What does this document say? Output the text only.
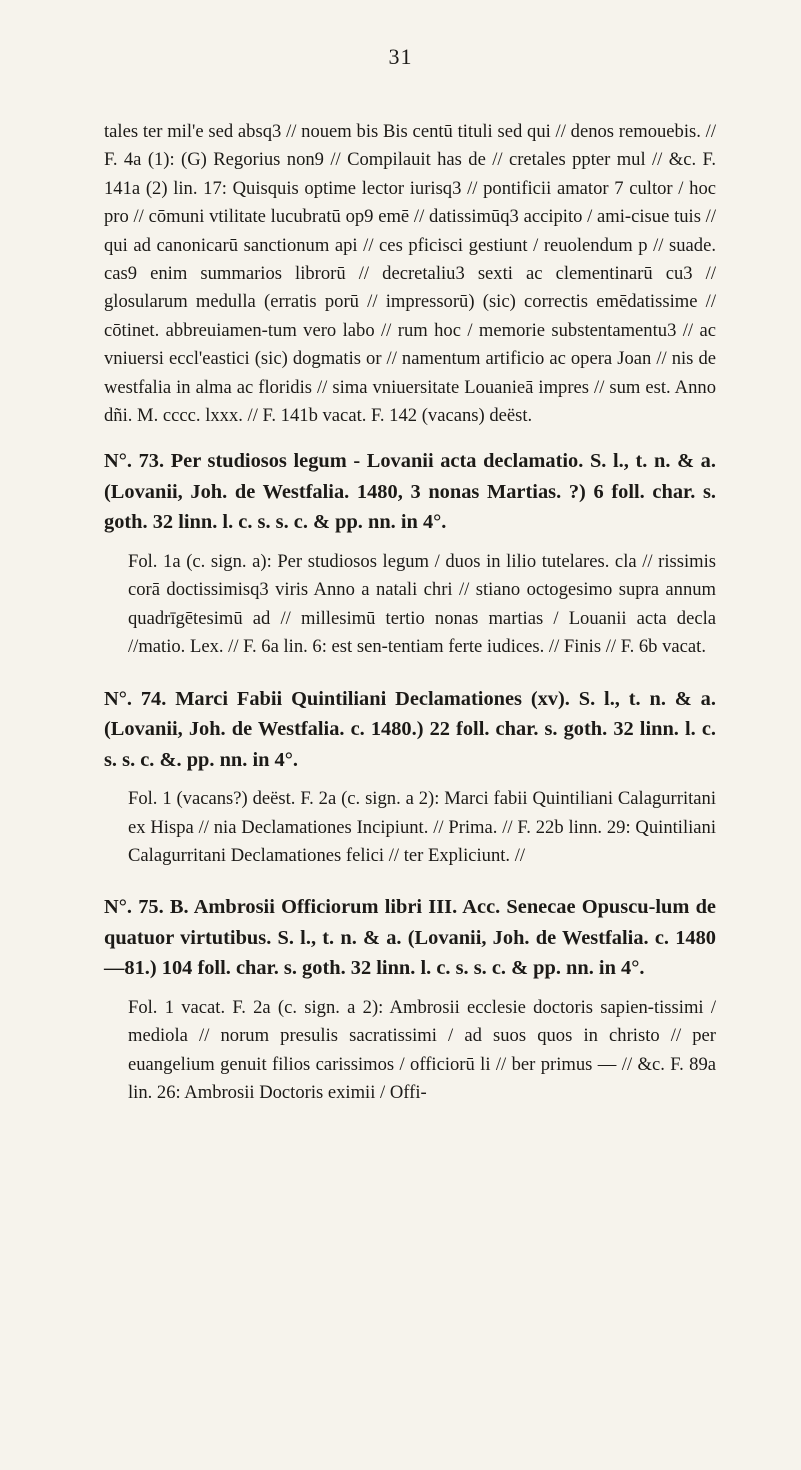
31

tales ter mil'e sed absq3 // nouem bis Bis centū tituli sed qui // denos remouebis. // F. 4a (1): (G) Regorius non9 // Compilauit has de // cretales ppter mul // &c. F. 141a (2) lin. 17: Quisquis optime lector iurisq3 // pontificii amator 7 cultor / hoc pro // cōmuni vtilitate lucubratū op9 emē // datissimūq3 accipito / ami-cisue tuis // qui ad canonicarū sanctionum api // ces pficisci gestiunt / reuolendum p // suade. cas9 enim summarios librorū // decretaliu3 sexti ac clementinarū cu3 // glosularum medulla (erratis porū // impressorū) (sic) correctis emēdatissime // cōtinet. abbreuiamen-tum vero labo // rum hoc / memorie substentamentu3 // ac vniuersi eccl'eastici (sic) dogmatis or // namentum artificio ac opera Joan // nis de westfalia in alma ac floridis // sima vniuersitate Louanieā impres // sum est. Anno dñi. M. cccc. lxxx. // F. 141b vacat. F. 142 (vacans) deëst.

N°. 73. Per studiosos legum - Lovanii acta declamatio. S. l., t. n. & a. (Lovanii, Joh. de Westfalia. 1480, 3 nonas Martias. ?) 6 foll. char. s. goth. 32 linn. l. c. s. s. c. & pp. nn. in 4°.

Fol. 1a (c. sign. a): Per studiosos legum / duos in lilio tutelares. cla // rissimis corā doctissimisq3 viris Anno a natali chri // stiano octogesimo supra annum quadrīgētesimū ad // millesimū tertio nonas martias / Louanii acta decla //matio. Lex. // F. 6a lin. 6: est sen-tentiam ferte iudices. // Finis // F. 6b vacat.

N°. 74. Marci Fabii Quintiliani Declamationes (xv). S. l., t. n. & a. (Lovanii, Joh. de Westfalia. c. 1480.) 22 foll. char. s. goth. 32 linn. l. c. s. s. c. &. pp. nn. in 4°.

Fol. 1 (vacans?) deëst. F. 2a (c. sign. a 2): Marci fabii Quintiliani Calagurritani ex Hispa // nia Declamationes Incipiunt. // Prima. // F. 22b linn. 29: Quintiliani Calagurritani Declamationes felici // ter Expliciunt. //

N°. 75. B. Ambrosii Officiorum libri III. Acc. Senecae Opuscu-lum de quatuor virtutibus. S. l., t. n. & a. (Lovanii, Joh. de Westfalia. c. 1480—81.) 104 foll. char. s. goth. 32 linn. l. c. s. s. c. & pp. nn. in 4°.

Fol. 1 vacat. F. 2a (c. sign. a 2): Ambrosii ecclesie doctoris sapien-tissimi / mediola // norum presulis sacratissimi / ad suos quos in christo // per euangelium genuit filios carissimos / officiorū li // ber primus — // &c. F. 89a lin. 26: Ambrosii Doctoris eximii / Offi-
